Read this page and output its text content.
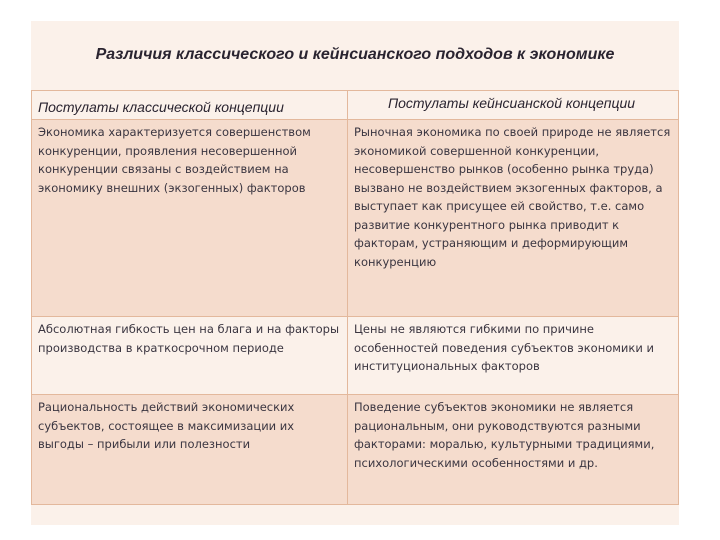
Различия классического и кейнсианского подходов к экономике
Постулаты классической концепции	Постулаты кейнсианской концепции
Экономика характеризуется совершенством конкуренции, проявления несовершенной конкуренции связаны с воздействием на экономику внешних (экзогенных) факторов	Рыночная экономика по своей природе не является экономикой совершенной конкуренции, несовершенство рынков (особенно рынка труда) вызвано не воздействием экзогенных факторов, а выступает как присущее ей свойство, т.е. само развитие конкурентного рынка приводит к факторам, устраняющим и деформирующим конкуренцию
Абсолютная гибкость цен на блага и на факторы производства в краткосрочном периоде	Цены не являются гибкими по причине особенностей поведения субъектов экономики и институциональных факторов
Рациональность действий экономических субъектов, состоящее в максимизации их выгоды – прибыли или полезности	Поведение субъектов экономики не является рациональным, они руководствуются разными факторами: моралью, культурными традициями, психологическими особенностями и др.
